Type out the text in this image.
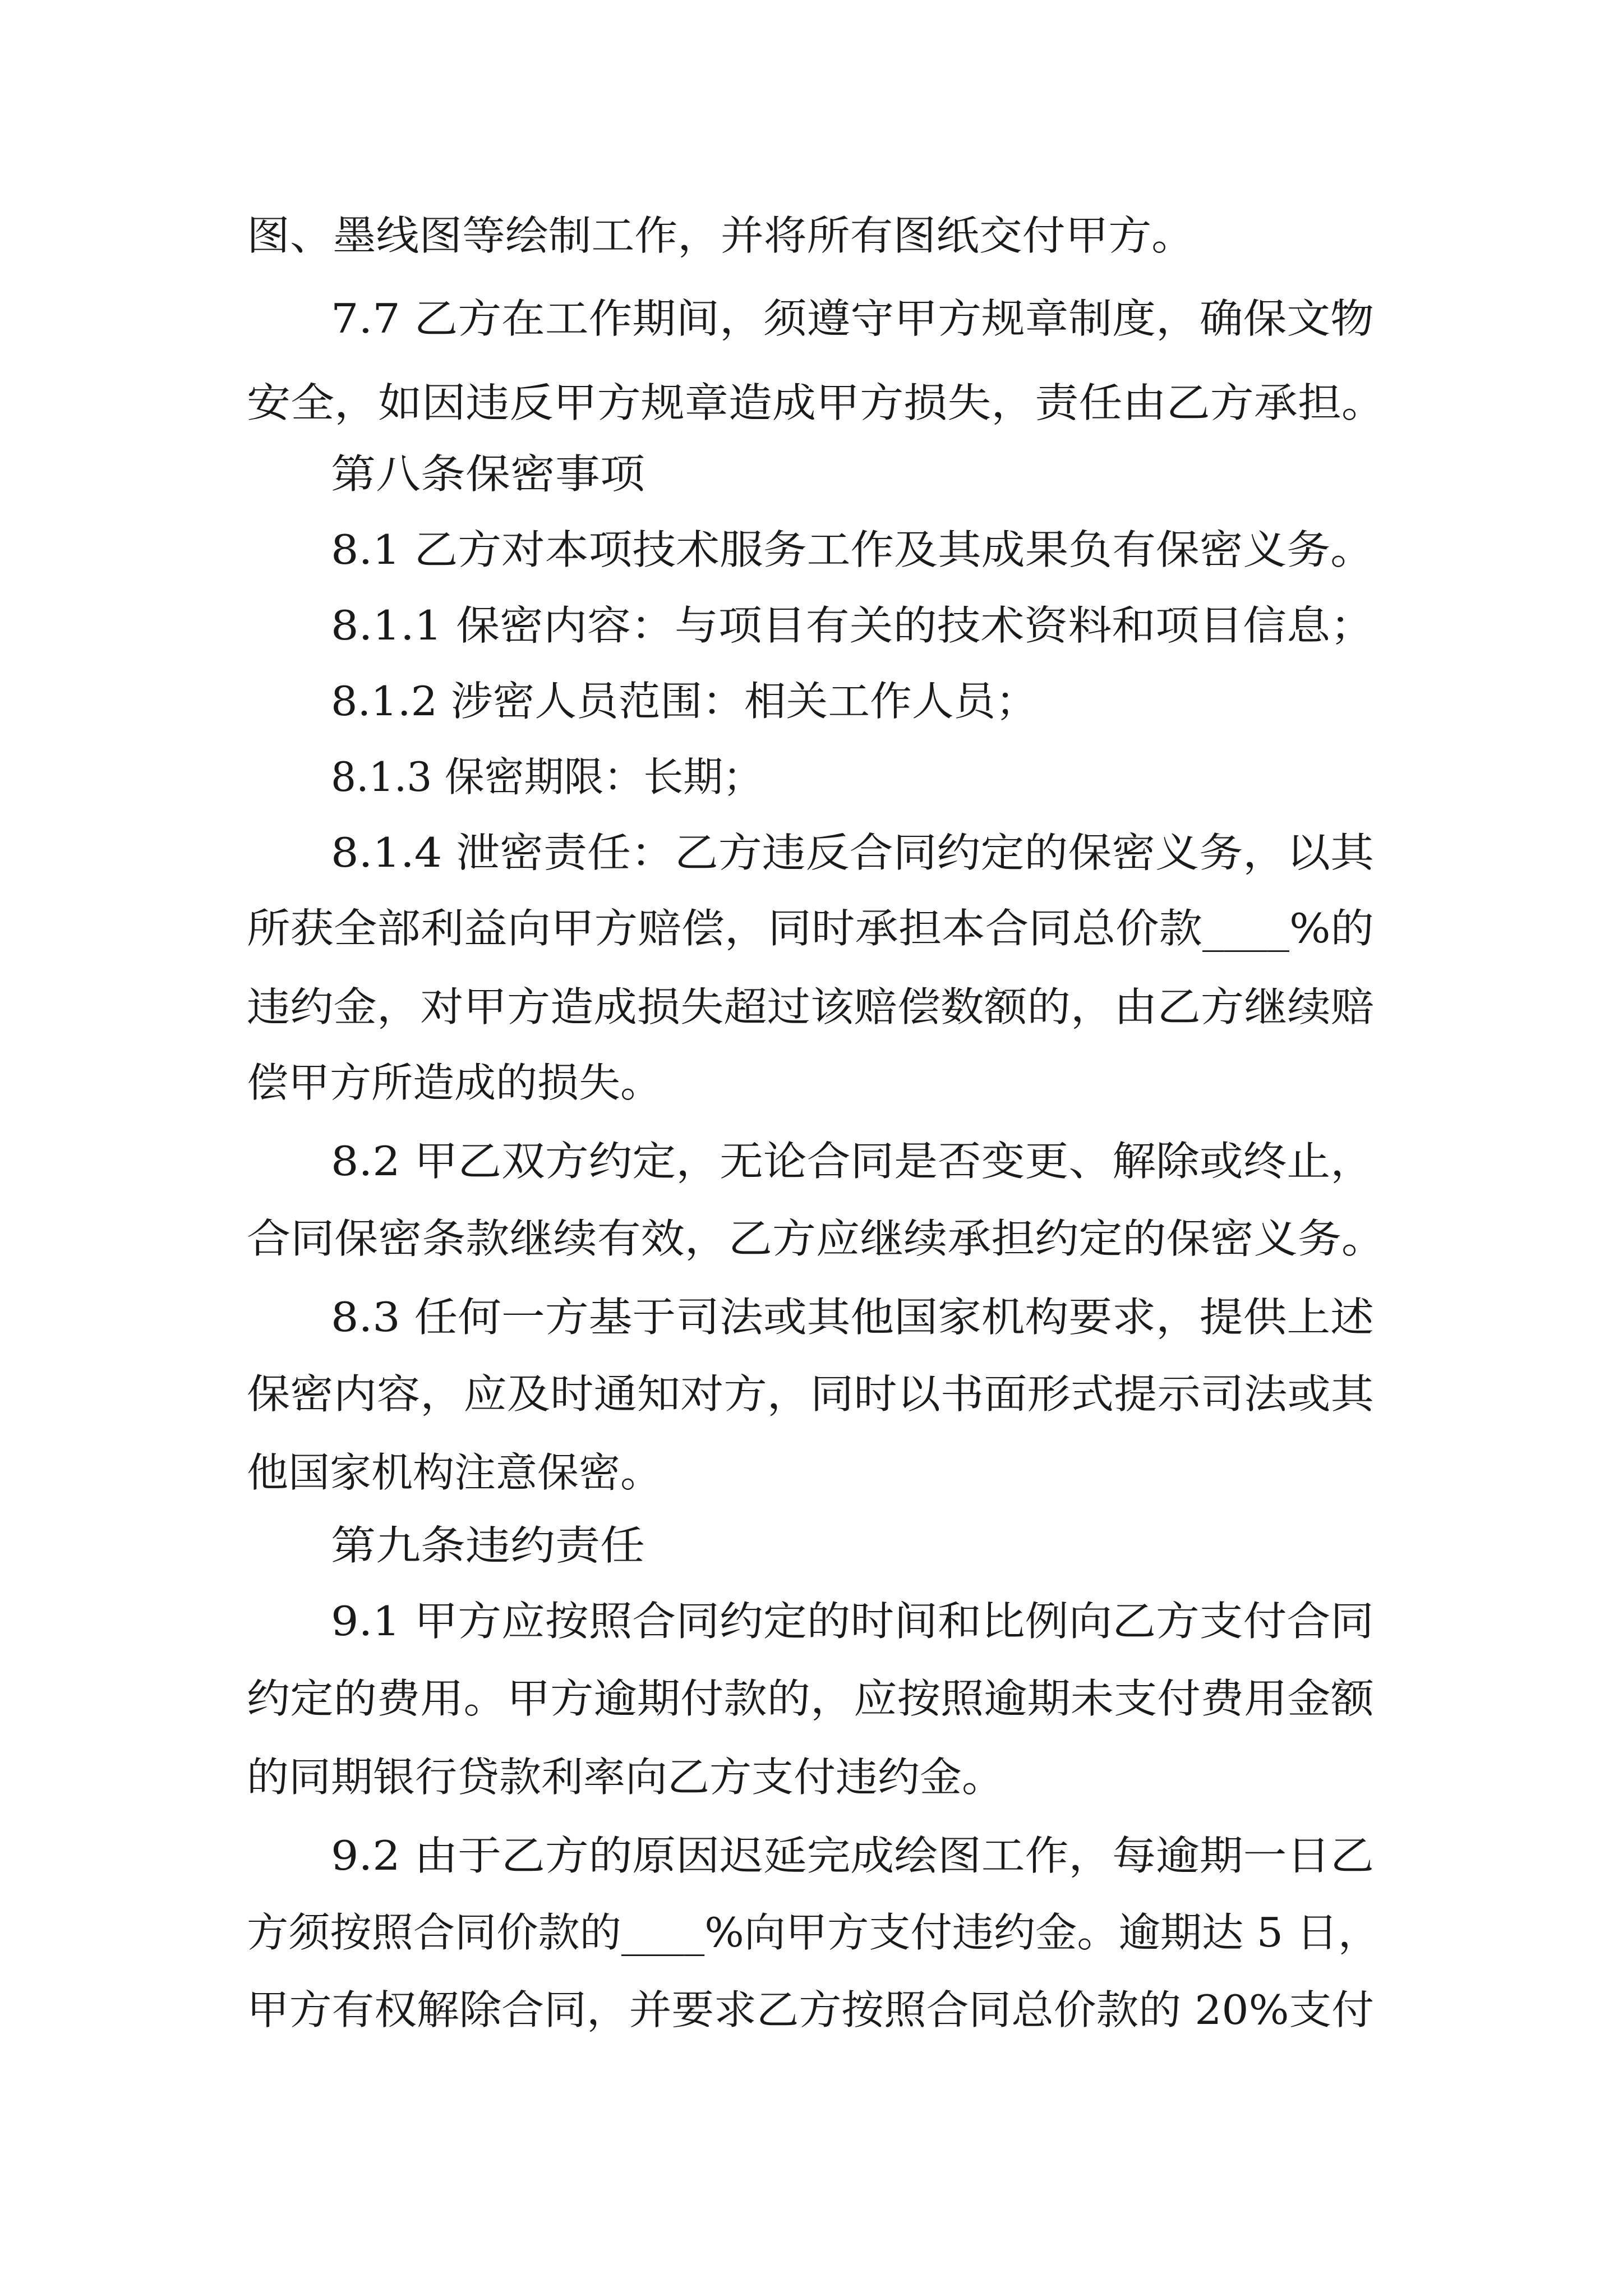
图、墨线图等绘制工作，并将所有图纸交付甲方。

7.7 乙方在工作期间，须遵守甲方规章制度，确保文物

安全，如因违反甲方规章造成甲方损失，责任由乙方承担。

第八条保密事项

8.1 乙方对本项技术服务工作及其成果负有保密义务。

8.1.1 保密内容：与项目有关的技术资料和项目信息；

8.1.2 涉密人员范围：相关工作人员；

8.1.3 保密期限：长期；

8.1.4 泄密责任：乙方违反合同约定的保密义务，以其

所获全部利益向甲方赔偿，同时承担本合同总价款____%的

违约金，对甲方造成损失超过该赔偿数额的，由乙方继续赔

偿甲方所造成的损失。

8.2 甲乙双方约定，无论合同是否变更、解除或终止，

合同保密条款继续有效，乙方应继续承担约定的保密义务。

8.3 任何一方基于司法或其他国家机构要求，提供上述

保密内容，应及时通知对方，同时以书面形式提示司法或其

他国家机构注意保密。

第九条违约责任

9.1 甲方应按照合同约定的时间和比例向乙方支付合同

约定的费用。甲方逾期付款的，应按照逾期未支付费用金额

的同期银行贷款利率向乙方支付违约金。

9.2 由于乙方的原因迟延完成绘图工作，每逾期一日乙

方须按照合同价款的____%向甲方支付违约金。逾期达 5 日，

甲方有权解除合同，并要求乙方按照合同总价款的 20%支付
